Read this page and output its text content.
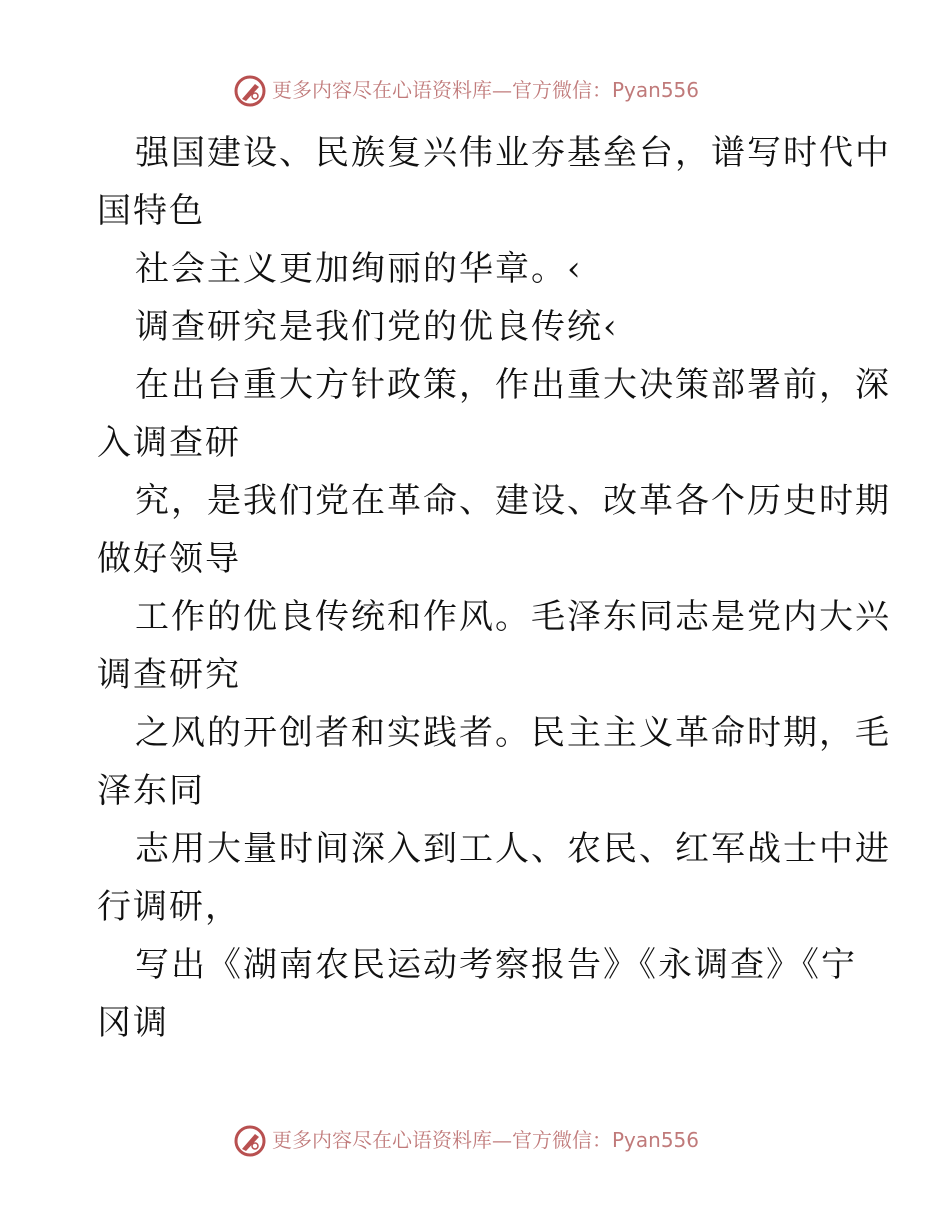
更多内容尽在心语资料库—官方微信：Pyan556
强国建设、民族复兴伟业夯基垒台，谱写时代中
国特色
社会主义更加绚丽的华章。‹
调查研究是我们党的优良传统‹
在出台重大方针政策，作出重大决策部署前，深
入调查研
究，是我们党在革命、建设、改革各个历史时期
做好领导
工作的优良传统和作风。毛泽东同志是党内大兴
调查研究
之风的开创者和实践者。民主主义革命时期，毛
泽东同
志用大量时间深入到工人、农民、红军战士中进
行调研，
写出《湖南农民运动考察报告》《永调查》《宁
冈调
更多内容尽在心语资料库—官方微信：Pyan556
